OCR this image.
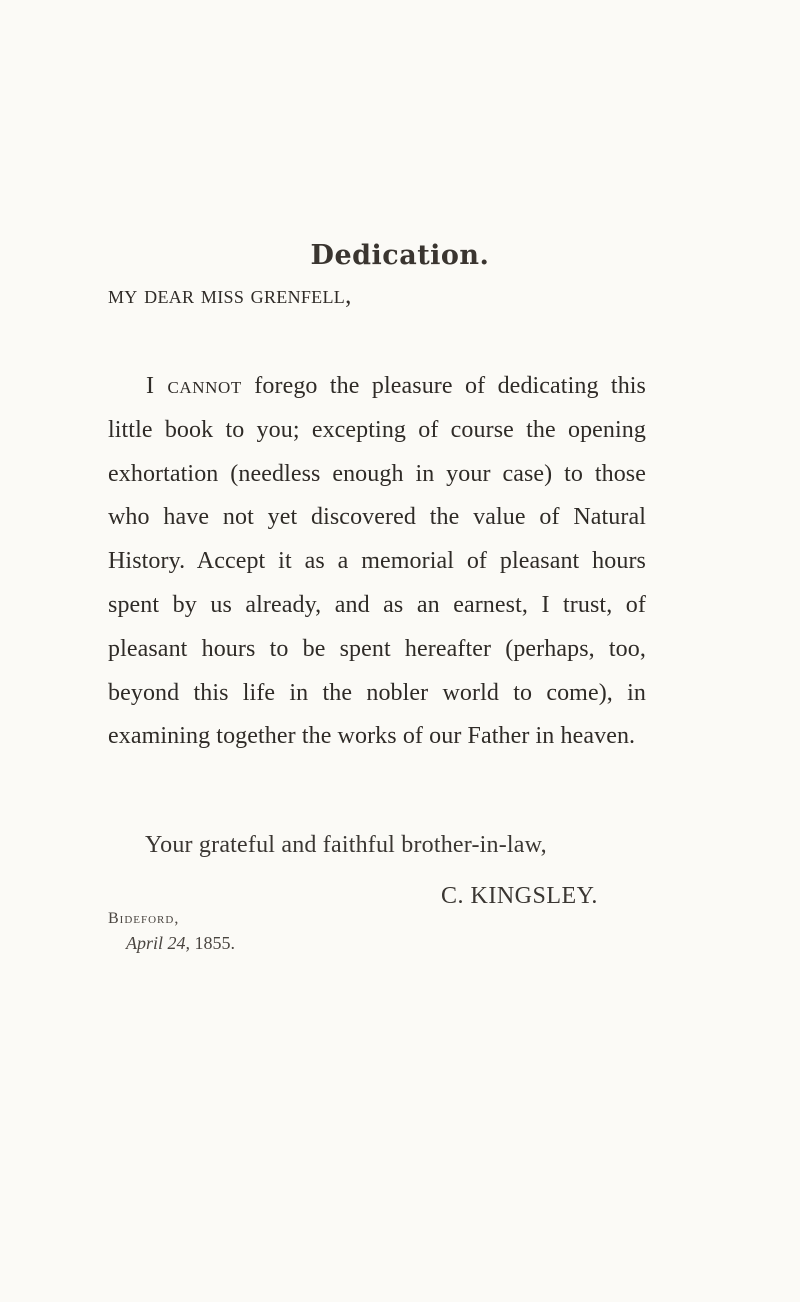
Dedication.
my dear miss grenfell,
I cannot forego the pleasure of dedicating this little book to you; excepting of course the opening exhortation (needless enough in your case) to those who have not yet discovered the value of Natural History. Accept it as a memorial of pleasant hours spent by us already, and as an earnest, I trust, of pleasant hours to be spent hereafter (perhaps, too, beyond this life in the nobler world to come), in examining together the works of our Father in heaven.
Your grateful and faithful brother-in-law,
C. KINGSLEY.
Bideford,
April 24, 1855.
